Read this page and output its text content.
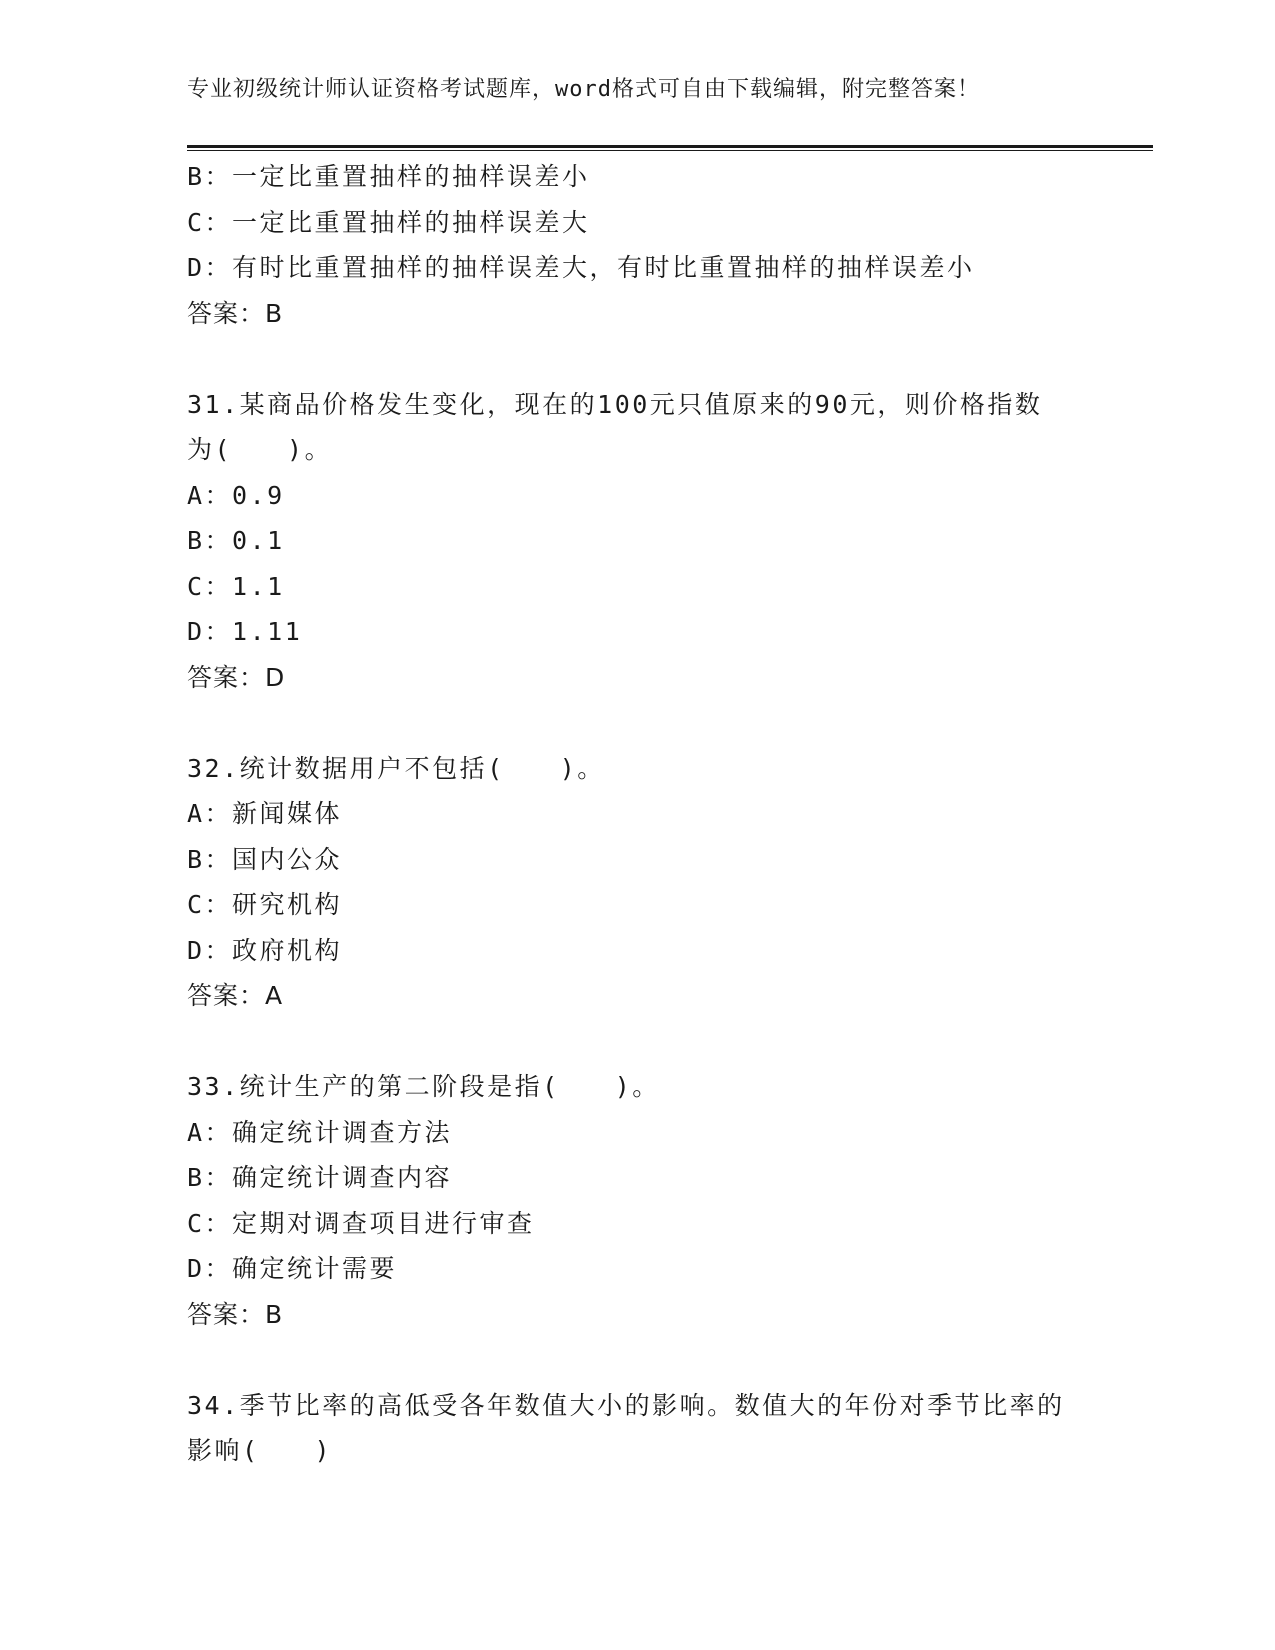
专业初级统计师认证资格考试题库，word格式可自由下载编辑，附完整答案！
B：一定比重置抽样的抽样误差小
C：一定比重置抽样的抽样误差大
D：有时比重置抽样的抽样误差大，有时比重置抽样的抽样误差小
答案：B
31.某商品价格发生变化，现在的100元只值原来的90元，则价格指数为(　　)。
A：0.9
B：0.1
C：1.1
D：1.11
答案：D
32.统计数据用户不包括(　　)。
A：新闻媒体
B：国内公众
C：研究机构
D：政府机构
答案：A
33.统计生产的第二阶段是指(　　)。
A：确定统计调查方法
B：确定统计调查内容
C：定期对调查项目进行审查
D：确定统计需要
答案：B
34.季节比率的高低受各年数值大小的影响。数值大的年份对季节比率的影响(　　)
